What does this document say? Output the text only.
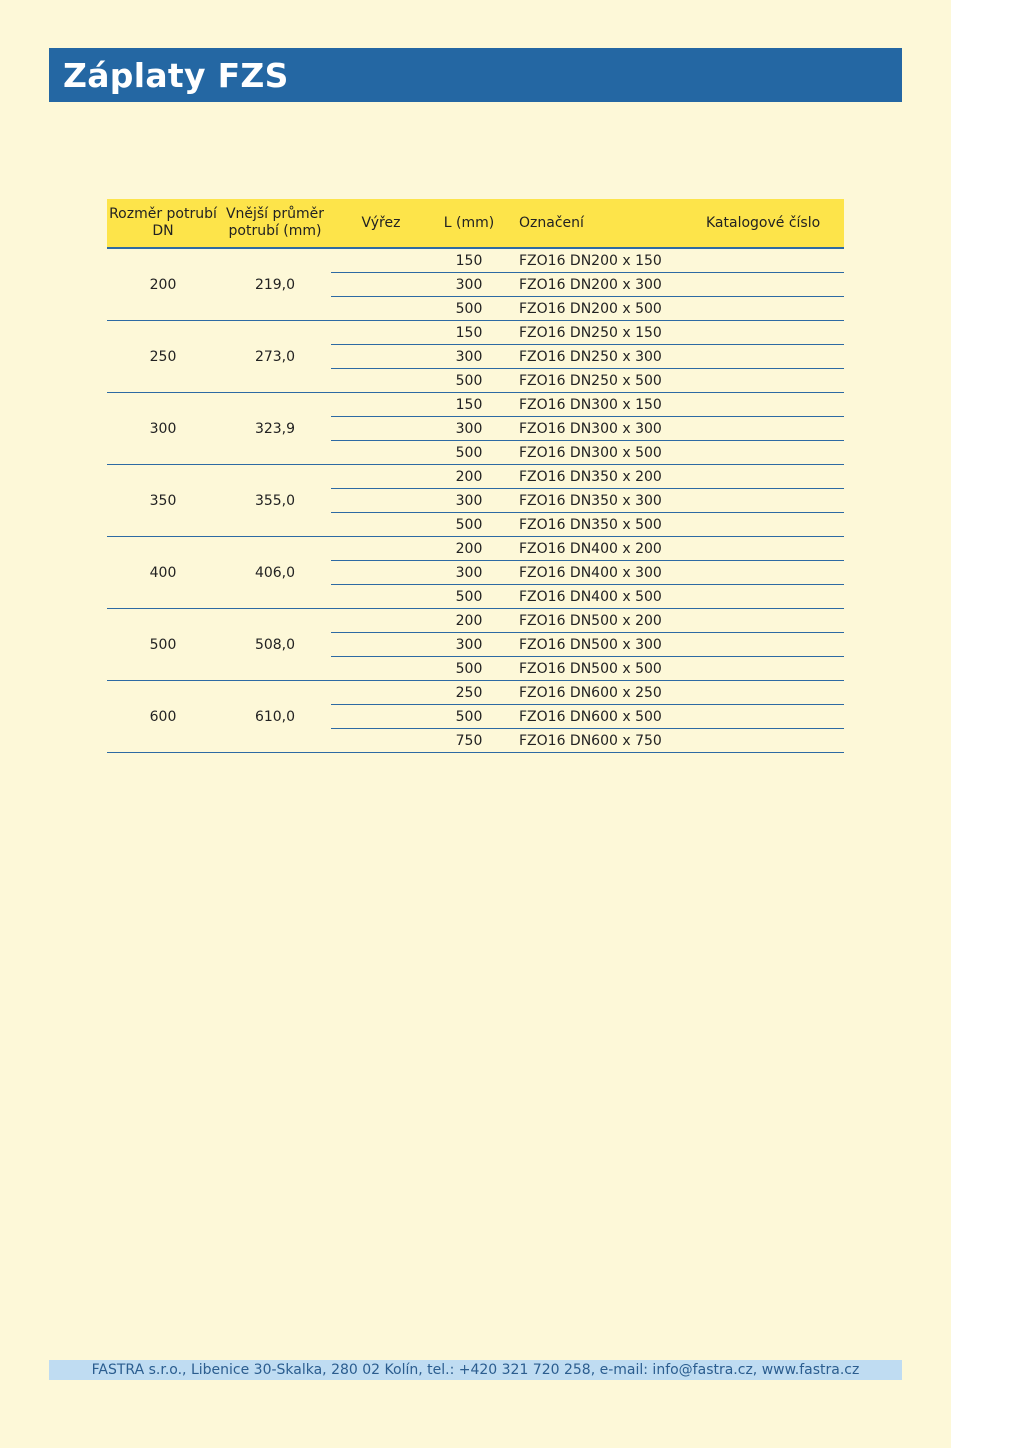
Záplaty FZS
Rozměr potrubí DN	Vnější průměr potrubí (mm)	Výřez	L (mm)	Označení	Katalogové číslo
200	219,0		150	FZO16 DN200 x 150	
			300	FZO16 DN200 x 300	
			500	FZO16 DN200 x 500	
250	273,0		150	FZO16 DN250 x 150	
			300	FZO16 DN250 x 300	
			500	FZO16 DN250 x 500	
300	323,9		150	FZO16 DN300 x 150	
			300	FZO16 DN300 x 300	
			500	FZO16 DN300 x 500	
350	355,0		200	FZO16 DN350 x 200	
			300	FZO16 DN350 x 300	
			500	FZO16 DN350 x 500	
400	406,0		200	FZO16 DN400 x 200	
			300	FZO16 DN400 x 300	
			500	FZO16 DN400 x 500	
500	508,0		200	FZO16 DN500 x 200	
			300	FZO16 DN500 x 300	
			500	FZO16 DN500 x 500	
600	610,0		250	FZO16 DN600 x 250	
			500	FZO16 DN600 x 500	
			750	FZO16 DN600 x 750	
FASTRA s.r.o., Libenice 30-Skalka, 280 02 Kolín, tel.: +420 321 720 258, e-mail: info@fastra.cz, www.fastra.cz
